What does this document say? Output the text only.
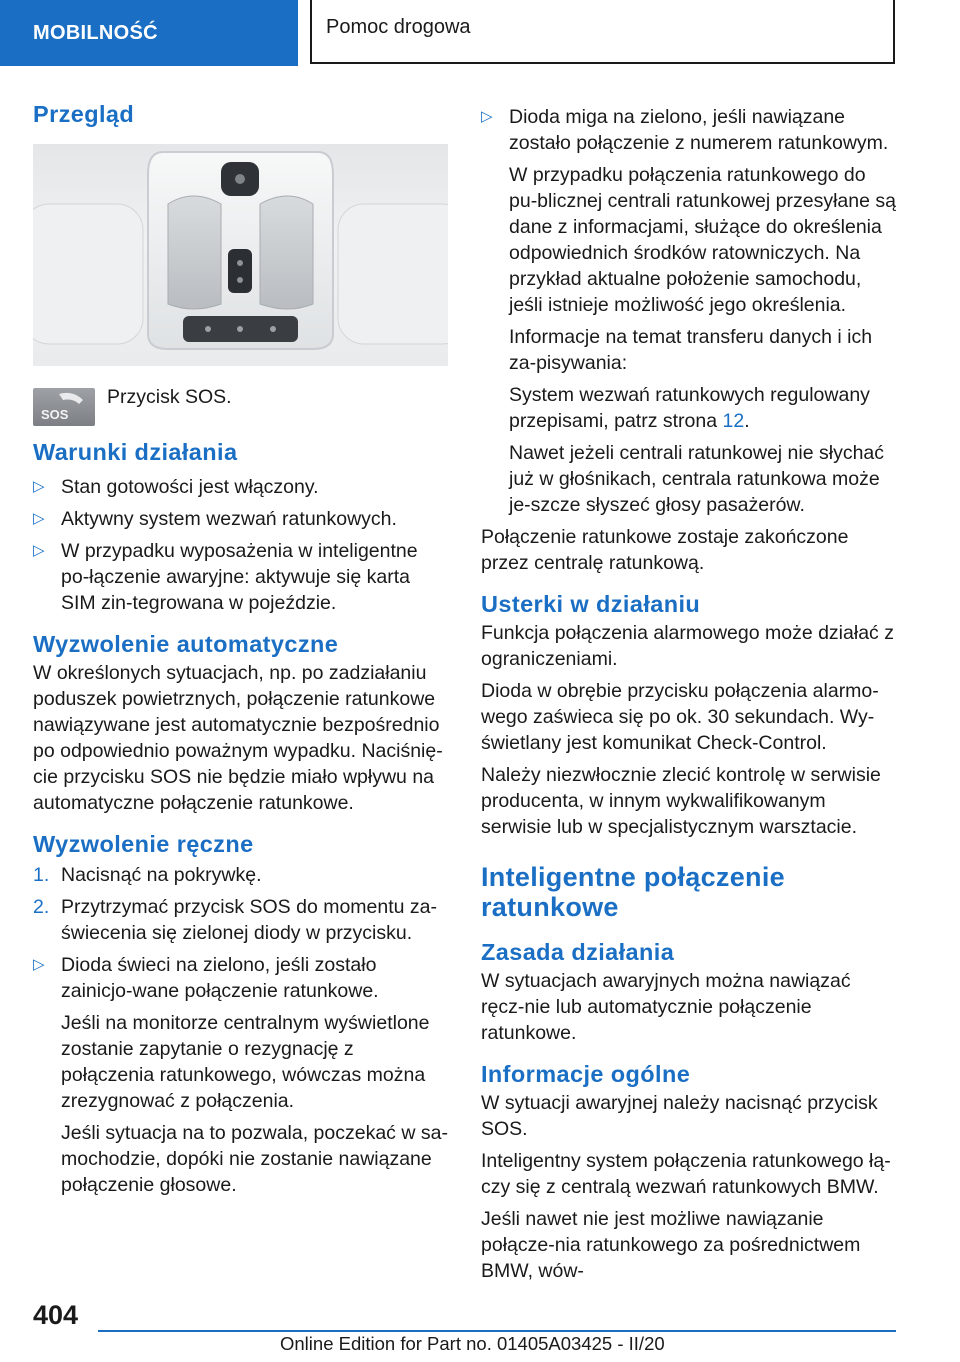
MOBILNOŚĆ	Pomoc drogowa
Przegląd
SOS
Przycisk SOS.
Warunki działania
▷ Stan gotowości jest włączony.
▷ Aktywny system wezwań ratunkowych.
▷ W przypadku wyposażenia w inteligentne po‐łączenie awaryjne: aktywuje się karta SIM zin‐tegrowana w pojeździe.
Wyzwolenie automatyczne

W określonych sytuacjach, np. po zadziałaniu poduszek powietrznych, połączenie ratunkowe nawiązywane jest automatycznie bezpośrednio po odpowiednio poważnym wypadku. Naciśnię‐cie przycisku SOS nie będzie miało wpływu na automatyczne połączenie ratunkowe.

Wyzwolenie ręczne
1. Nacisnąć na pokrywkę.
2. Przytrzymać przycisk SOS do momentu za‐świecenia się zielonej diody w przycisku.
▷ Dioda świeci na zielono, jeśli zostało zainicjo‐wane połączenie ratunkowe.

Jeśli na monitorze centralnym wyświetlone zostanie zapytanie o rezygnację z połączenia ratunkowego, wówczas można zrezygnować z połączenia.

Jeśli sytuacja na to pozwala, poczekać w sa‐mochodzie, dopóki nie zostanie nawiązane połączenie głosowe.

▷ Dioda miga na zielono, jeśli nawiązane zostało połączenie z numerem ratunkowym.

W przypadku połączenia ratunkowego do pu‐blicznej centrali ratunkowej przesyłane są dane z informacjami, służące do określenia odpowiednich środków ratowniczych. Na przykład aktualne położenie samochodu, jeśli istnieje możliwość jego określenia.

Informacje na temat transferu danych i ich za‐pisywania:

System wezwań ratunkowych regulowany przepisami, patrz strona 12.

Nawet jeżeli centrali ratunkowej nie słychać już w głośnikach, centrala ratunkowa może je‐szcze słyszeć głosy pasażerów.

Połączenie ratunkowe zostaje zakończone przez centralę ratunkową.

Usterki w działaniu

Funkcja połączenia alarmowego może działać z ograniczeniami.

Dioda w obrębie przycisku połączenia alarmo‐wego zaświeca się po ok. 30 sekundach. Wy‐świetlany jest komunikat Check-Control.

Należy niezwłocznie zlecić kontrolę w serwisie producenta, w innym wykwalifikowanym serwisie lub w specjalistycznym warsztacie.

Inteligentne połączenie ratunkowe
Zasada działania

W sytuacjach awaryjnych można nawiązać ręcz‐nie lub automatycznie połączenie ratunkowe.

Informacje ogólne

W sytuacji awaryjnej należy nacisnąć przycisk SOS.

Inteligentny system połączenia ratunkowego łą‐czy się z centralą wezwań ratunkowych BMW.

Jeśli nawet nie jest możliwe nawiązanie połącze‐nia ratunkowego za pośrednictwem BMW, wów‐

404
Online Edition for Part no. 01405A03425 - II/20
